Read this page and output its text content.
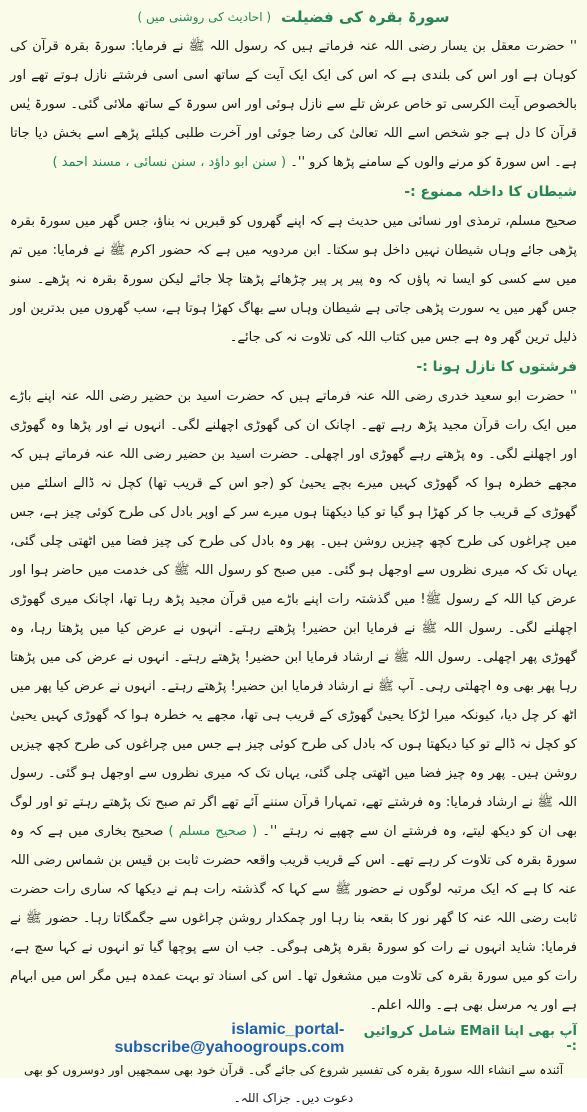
سورۃ بقرہ کی فضیلت
( احادیث کی روشنی میں )

'' حضرت معقل بن یسار رضی اللہ عنہ فرماتے ہیں کہ رسول اللہ ﷺ نے فرمایا: سورۃ بقرہ قرآن کی کوہان ہے اور اس کی بلندی ہے کہ اس کی ایک ایک آیت کے ساتھ اسی اسی فرشتے نازل ہوتے تھے اور بالخصوص آیت الکرسی تو خاص عرش تلے سے نازل ہوئی اور اس سورۃ کے ساتھ ملائی گئی۔ سورۃ یٰس قرآن کا دل ہے جو شخص اسے اللہ تعالیٰ کی رضا جوئی اور آخرت طلبی کیلئے پڑھے اسے بخش دیا جاتا ہے۔ اس سورۃ کو مرنے والوں کے سامنے پڑھا کرو ''۔ ( سنن ابو داؤد ، سنن نسائی ، مسند احمد )

شیطان کا داخلہ ممنوع :-

صحیح مسلم، ترمذی اور نسائی میں حدیث ہے کہ اپنے گھروں کو قبریں نہ بناؤ، جس گھر میں سورۃ بقرہ پڑھی جائے وہاں شیطان نہیں داخل ہو سکتا۔ ابن مردویہ میں ہے کہ حضور اکرم ﷺ نے فرمایا: میں تم میں سے کسی کو ایسا نہ پاؤں کہ وہ پیر پر پیر چڑھائے پڑھتا چلا جائے لیکن سورۃ بقرہ نہ پڑھے۔ سنو جس گھر میں یہ سورت پڑھی جاتی ہے شیطان وہاں سے بھاگ کھڑا ہوتا ہے، سب گھروں میں بدترین اور ذلیل ترین گھر وہ ہے جس میں کتاب اللہ کی تلاوت نہ کی جائے۔

فرشتوں کا نازل ہونا :-

'' حضرت ابو سعید خدری رضی اللہ عنہ فرماتے ہیں کہ حضرت اسید بن حضیر رضی اللہ عنہ اپنے باڑے میں ایک رات قرآن مجید پڑھ رہے تھے۔ اچانک ان کی گھوڑی اچھلنے لگی۔ انہوں نے اور پڑھا وہ گھوڑی اور اچھلنے لگی۔ وہ پڑھتے رہے گھوڑی اور اچھلی۔ حضرت اسید بن حضیر رضی اللہ عنہ فرماتے ہیں کہ مجھے خطرہ ہوا کہ گھوڑی کہیں میرے بچے یحییٰ کو (جو اس کے قریب تھا) کچل نہ ڈالے اسلئے میں گھوڑی کے قریب جا کر کھڑا ہو گیا تو کیا دیکھتا ہوں میرے سر کے اوپر بادل کی طرح کوئی چیز ہے، جس میں چراغوں کی طرح کچھ چیزیں روشن ہیں۔ پھر وہ بادل کی طرح کی چیز فضا میں اٹھتی چلی گئی، یہاں تک کہ میری نظروں سے اوجھل ہو گئی۔ میں صبح کو رسول اللہ ﷺ کی خدمت میں حاضر ہوا اور عرض کیا اللہ کے رسول ﷺ! میں گذشتہ رات اپنے باڑے میں قرآن مجید پڑھ رہا تھا، اچانک میری گھوڑی اچھلنے لگی۔ رسول اللہ ﷺ نے فرمایا ابن حضیر! پڑھتے رہتے۔ انہوں نے عرض کیا میں پڑھتا رہا، وہ گھوڑی پھر اچھلی۔ رسول اللہ ﷺ نے ارشاد فرمایا ابن حضیر! پڑھتے رہتے۔ انہوں نے عرض کی میں پڑھتا رہا پھر بھی وہ اچھلتی رہی۔ آپ ﷺ نے ارشاد فرمایا ابن حضیر! پڑھتے رہتے۔ انہوں نے عرض کیا پھر میں اٹھ کر چل دیا، کیونکہ میرا لڑکا یحییٰ گھوڑی کے قریب ہی تھا، مجھے یہ خطرہ ہوا کہ گھوڑی کہیں یحییٰ کو کچل نہ ڈالے تو کیا دیکھتا ہوں کہ بادل کی طرح کوئی چیز ہے جس میں چراغوں کی طرح کچھ چیزیں روشن ہیں۔ پھر وہ چیز فضا میں اٹھتی چلی گئی، یہاں تک کہ میری نظروں سے اوجھل ہو گئی۔ رسول اللہ ﷺ نے ارشاد فرمایا: وہ فرشتے تھے، تمہارا قرآن سننے آئے تھے اگر تم صبح تک پڑھتے رہتے تو اور لوگ بھی ان کو دیکھ لیتے، وہ فرشتے ان سے چھپے نہ رہتے ''۔ ( صحیح مسلم ) صحیح بخاری میں ہے کہ وہ سورۃ بقرہ کی تلاوت کر رہے تھے۔ اس کے قریب قریب واقعہ حضرت ثابت بن قیس بن شماس رضی اللہ عنہ کا ہے کہ ایک مرتبہ لوگوں نے حضور ﷺ سے کہا کہ گذشتہ رات ہم نے دیکھا کہ ساری رات حضرت ثابت رضی اللہ عنہ کا گھر نور کا بقعہ بنا رہا اور چمکدار روشن چراغوں سے جگمگاتا رہا۔ حضور ﷺ نے فرمایا: شاید انہوں نے رات کو سورۃ بقرہ پڑھی ہوگی۔ جب ان سے پوچھا گیا تو انہوں نے کہا سچ ہے، رات کو میں سورۃ بقرہ کی تلاوت میں مشغول تھا۔ اس کی اسناد تو بہت عمدہ ہیں مگر اس میں ابہام ہے اور یہ مرسل بھی ہے۔ واللہ اعلم۔

آپ بھی اپنا EMail شامل کروائیں :-
islamic_portal-subscribe@yahoogroups.com

آئندہ سے انشاء اللہ سورۃ بقرہ کی تفسیر شروع کی جائے گی۔ قرآن خود بھی سمجھیں اور دوسروں کو بھی دعوت دیں۔ جزاک اللہ۔
